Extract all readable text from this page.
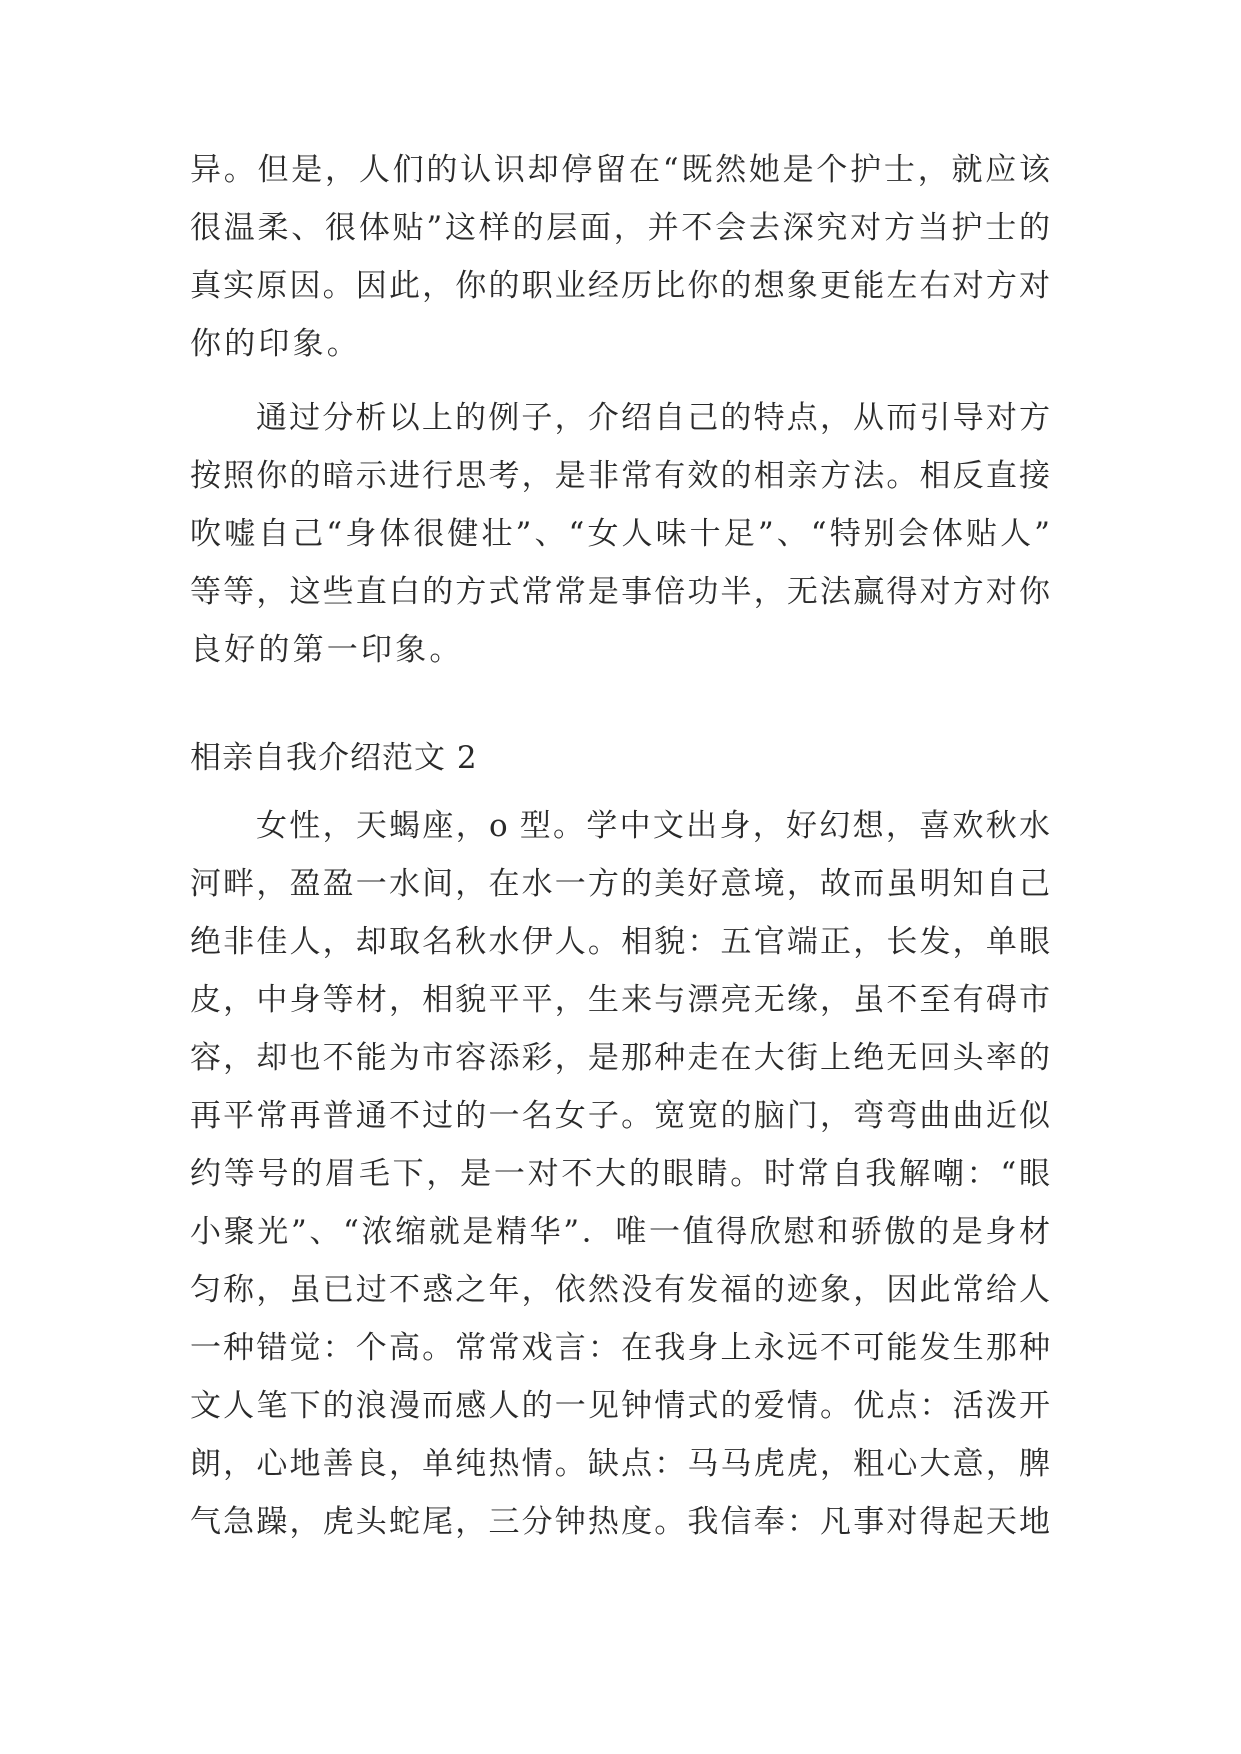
异。但是，人们的认识却停留在“既然她是个护士，就应该
很温柔、很体贴”这样的层面，并不会去深究对方当护士的
真实原因。因此，你的职业经历比你的想象更能左右对方对
你的印象。
通过分析以上的例子，介绍自己的特点，从而引导对方
按照你的暗示进行思考，是非常有效的相亲方法。相反直接
吹嘘自己“身体很健壮”、“女人味十足”、“特别会体贴人”
等等，这些直白的方式常常是事倍功半，无法赢得对方对你
良好的第一印象。
相亲自我介绍范文 2
女性，天蝎座，o 型。学中文出身，好幻想，喜欢秋水
河畔，盈盈一水间，在水一方的美好意境，故而虽明知自己
绝非佳人，却取名秋水伊人。相貌：五官端正，长发，单眼
皮，中身等材，相貌平平，生来与漂亮无缘，虽不至有碍市
容，却也不能为市容添彩，是那种走在大街上绝无回头率的
再平常再普通不过的一名女子。宽宽的脑门，弯弯曲曲近似
约等号的眉毛下，是一对不大的眼睛。时常自我解嘲：“眼
小聚光”、“浓缩就是精华”．唯一值得欣慰和骄傲的是身材
匀称，虽已过不惑之年，依然没有发福的迹象，因此常给人
一种错觉：个高。常常戏言：在我身上永远不可能发生那种
文人笔下的浪漫而感人的一见钟情式的爱情。优点：活泼开
朗，心地善良，单纯热情。缺点：马马虎虎，粗心大意，脾
气急躁，虎头蛇尾，三分钟热度。我信奉：凡事对得起天地
